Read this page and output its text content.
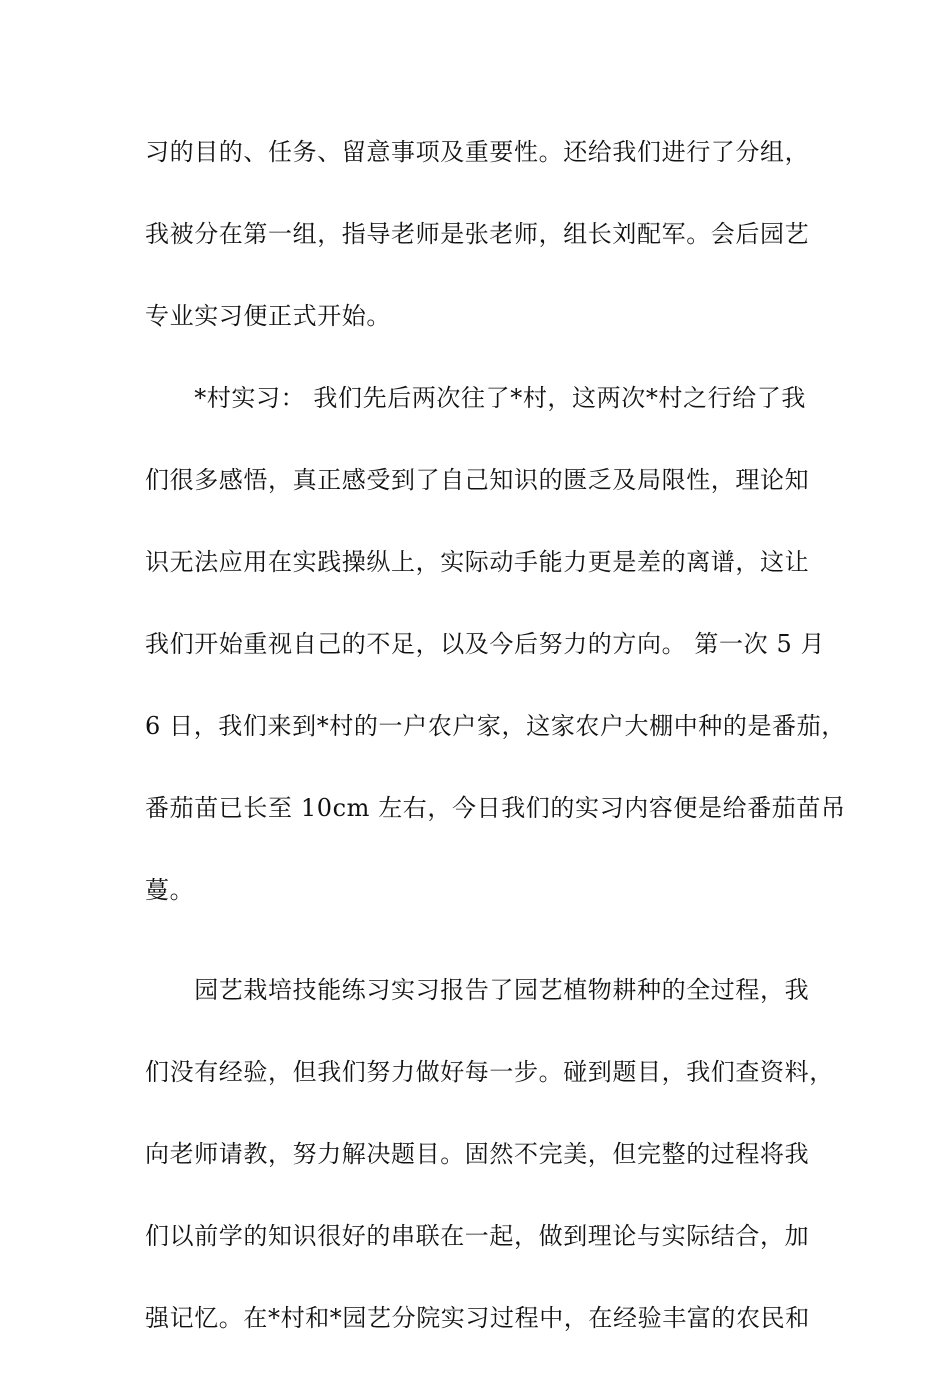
习的目的、任务、留意事项及重要性。还给我们进行了分组，
我被分在第一组，指导老师是张老师，组长刘配军。会后园艺
专业实习便正式开始。
　　*村实习： 我们先后两次往了*村，这两次*村之行给了我
们很多感悟，真正感受到了自己知识的匮乏及局限性，理论知
识无法应用在实践操纵上，实际动手能力更是差的离谱，这让
我们开始重视自己的不足，以及今后努力的方向。 第一次 5 月
6 日，我们来到*村的一户农户家，这家农户大棚中种的是番茄，
番茄苗已长至 10cm 左右，今日我们的实习内容便是给番茄苗吊
蔓。
　　园艺栽培技能练习实习报告了园艺植物耕种的全过程，我
们没有经验，但我们努力做好每一步。碰到题目，我们查资料，
向老师请教，努力解决题目。固然不完美，但完整的过程将我
们以前学的知识很好的串联在一起，做到理论与实际结合，加
强记忆。在*村和*园艺分院实习过程中，在经验丰富的农民和
